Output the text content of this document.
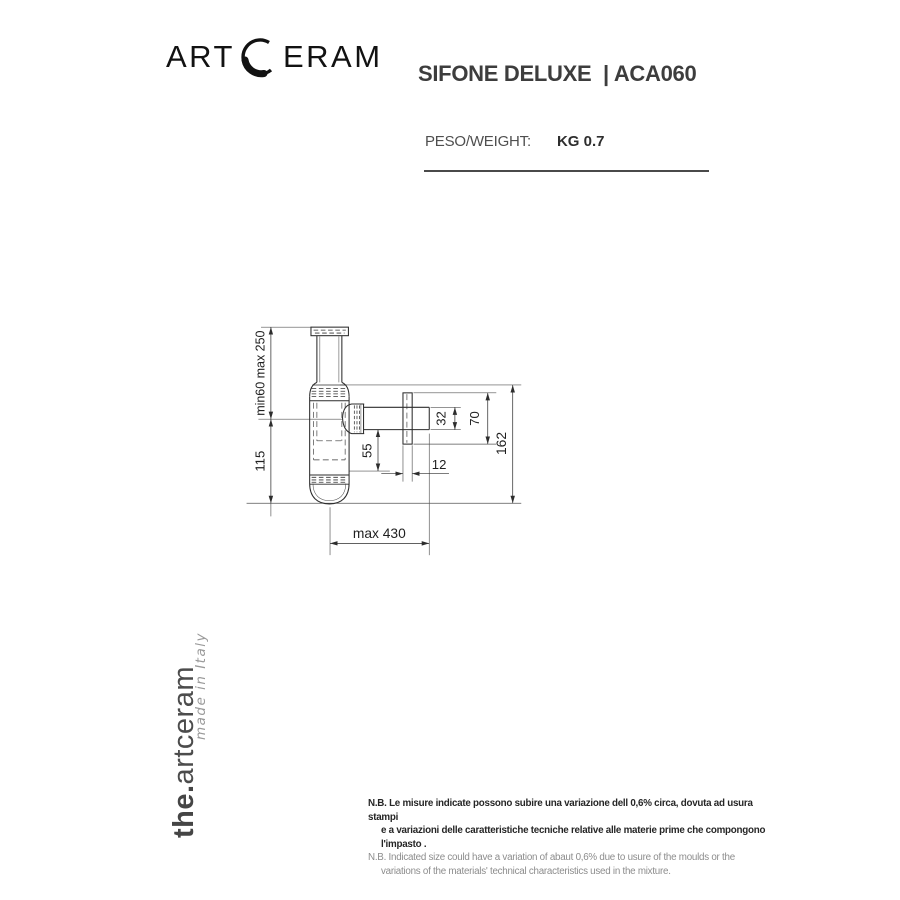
ART ERAM SIFONE DELUXE  | ACA060
PESO/WEIGHT: KG 0.7
min60 max 250
115
55
12
32 70
162
max 430
the.artceram
made in Italy
N.B. Le misure indicate possono subire una variazione dell 0,6% circa, dovuta ad usura stampi
e a variazioni delle caratteristiche tecniche relative alle materie prime che compongono
l'impasto .
N.B. Indicated size could have a variation of abaut 0,6% due to usure of the moulds or the
variations of the materials' technical characteristics used in the mixture.
